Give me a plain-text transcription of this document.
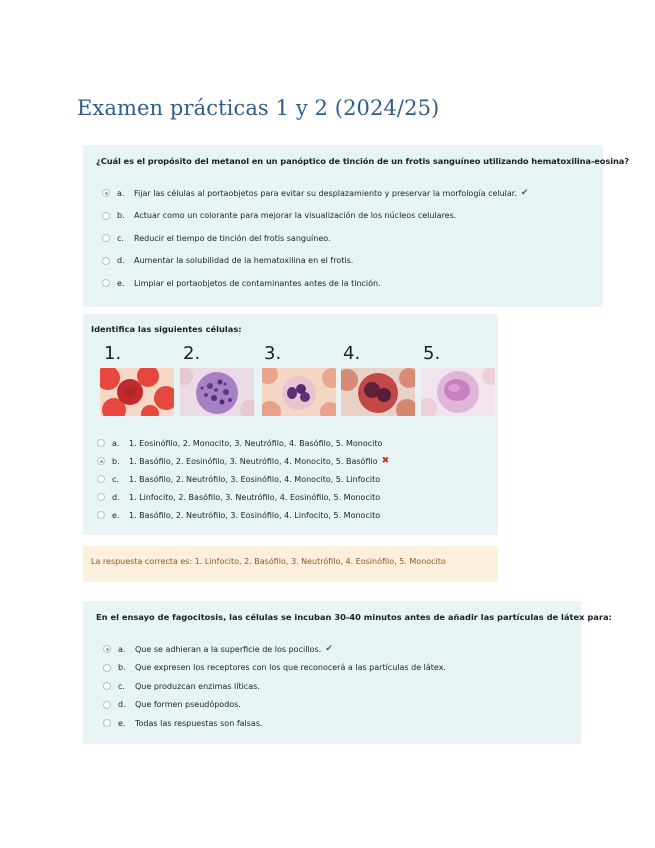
Examen prácticas 1 y 2 (2024/25)
¿Cuál es el propósito del metanol en un panóptico de tinción de un frotis sanguíneo utilizando hematoxilina-eosina?
a.	Fijar las células al portaobjetos para evitar su desplazamiento y preservar la morfología celular. ✔
b.	Actuar como un colorante para mejorar la visualización de los núcleos celulares.
c.	Reducir el tiempo de tinción del frotis sanguíneo.
d.	Aumentar la solubilidad de la hematoxilina en el frotis.
e.	Limpiar el portaobjetos de contaminantes antes de la tinción.
Identifica las siguientes células:
1.	2.	3.	4.	5.
a.	1. Eosinófilo, 2. Monocito, 3. Neutrófilo, 4. Basófilo, 5. Monocito
b.	1. Basófilo, 2. Eosinófilo, 3. Neutrófilo, 4. Monocito, 5. Basófilo ✖
c.	1. Basófilo, 2. Neutrófilo, 3. Eosinófilo, 4. Monocito, 5. Linfocito
d.	1. Linfocito, 2. Basófilo, 3. Neutrófilo, 4. Eosinófilo, 5. Monocito
e.	1. Basófilo, 2. Neutrófilo, 3. Eosinófilo, 4. Linfocito, 5. Monocito
La respuesta correcta es: 1. Linfocito, 2. Basófilo, 3. Neutrófilo, 4. Eosinófilo, 5. Monocito
En el ensayo de fagocitosis, las células se incuban 30-40 minutos antes de añadir las partículas de látex para:
a.	Que se adhieran a la superficie de los pocillos. ✔
b.	Que expresen los receptores con los que reconocerá a las partículas de látex.
c.	Que produzcan enzimas líticas.
d.	Que formen pseudópodos.
e.	Todas las respuestas son falsas.
